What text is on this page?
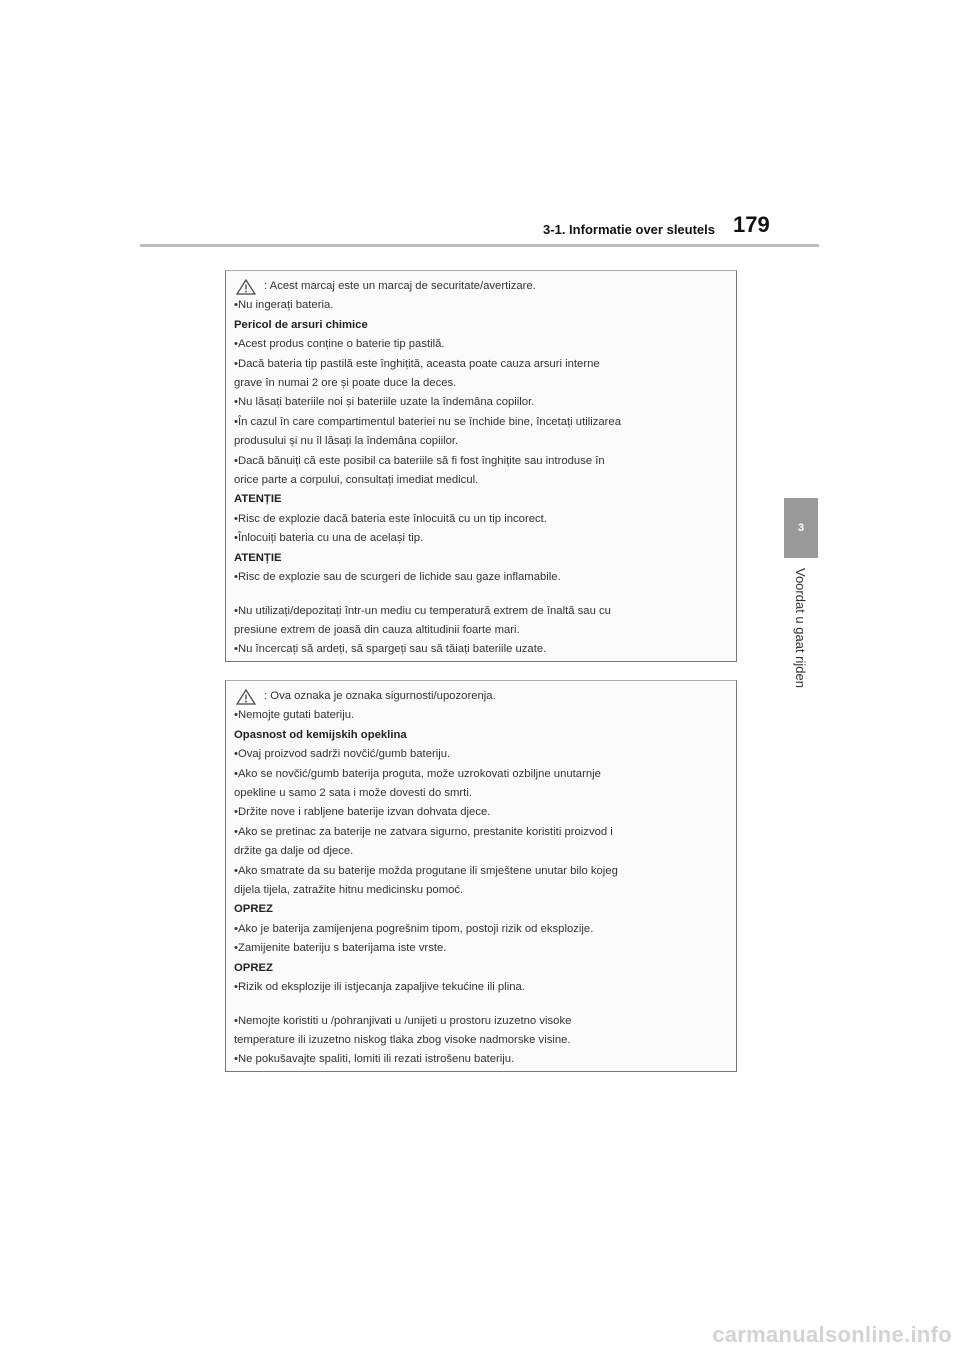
3-1. Informatie over sleutels 179
3
Voordat u gaat rijden
: Acest marcaj este un marcaj de securitate/avertizare.
•Nu ingerați bateria.
Pericol de arsuri chimice
•Acest produs conține o baterie tip pastilă.
•Dacă bateria tip pastilă este înghițită, aceasta poate cauza arsuri interne
grave în numai 2 ore și poate duce la deces.
•Nu lăsați bateriile noi și bateriile uzate la îndemâna copiilor.
•În cazul în care compartimentul bateriei nu se închide bine, încetați utilizarea
produsului și nu îl lăsați la îndemâna copiilor.
•Dacă bănuiți că este posibil ca bateriile să fi fost înghițite sau introduse în
orice parte a corpului, consultați imediat medicul.
ATENȚIE
•Risc de explozie dacă bateria este înlocuită cu un tip incorect.
•Înlocuiți bateria cu una de același tip.
ATENȚIE
•Risc de explozie sau de scurgeri de lichide sau gaze inflamabile.
•Nu utilizați/depozitați într-un mediu cu temperatură extrem de înaltă sau cu
presiune extrem de joasă din cauza altitudinii foarte mari.
•Nu încercați să ardeți, să spargeți sau să tăiați bateriile uzate.
: Ova oznaka je oznaka sigurnosti/upozorenja.
•Nemojte gutati bateriju.
Opasnost od kemijskih opeklina
•Ovaj proizvod sadrži novčić/gumb bateriju.
•Ako se novčić/gumb baterija proguta, može uzrokovati ozbiljne unutarnje
opekline u samo 2 sata i može dovesti do smrti.
•Držite nove i rabljene baterije izvan dohvata djece.
•Ako se pretinac za baterije ne zatvara sigurno, prestanite koristiti proizvod i
držite ga dalje od djece.
•Ako smatrate da su baterije možda progutane ili smještene unutar bilo kojeg
dijela tijela, zatražite hitnu medicinsku pomoć.
OPREZ
•Ako je baterija zamijenjena pogrešnim tipom, postoji rizik od eksplozije.
•Zamijenite bateriju s baterijama iste vrste.
OPREZ
•Rizik od eksplozije ili istjecanja zapaljive tekućine ili plina.
•Nemojte koristiti u /pohranjivati u /unijeti u prostoru izuzetno visoke
temperature ili izuzetno niskog tlaka zbog visoke nadmorske visine.
•Ne pokušavajte spaliti, lomiti ili rezati istrošenu bateriju.
carmanualsonline.info
